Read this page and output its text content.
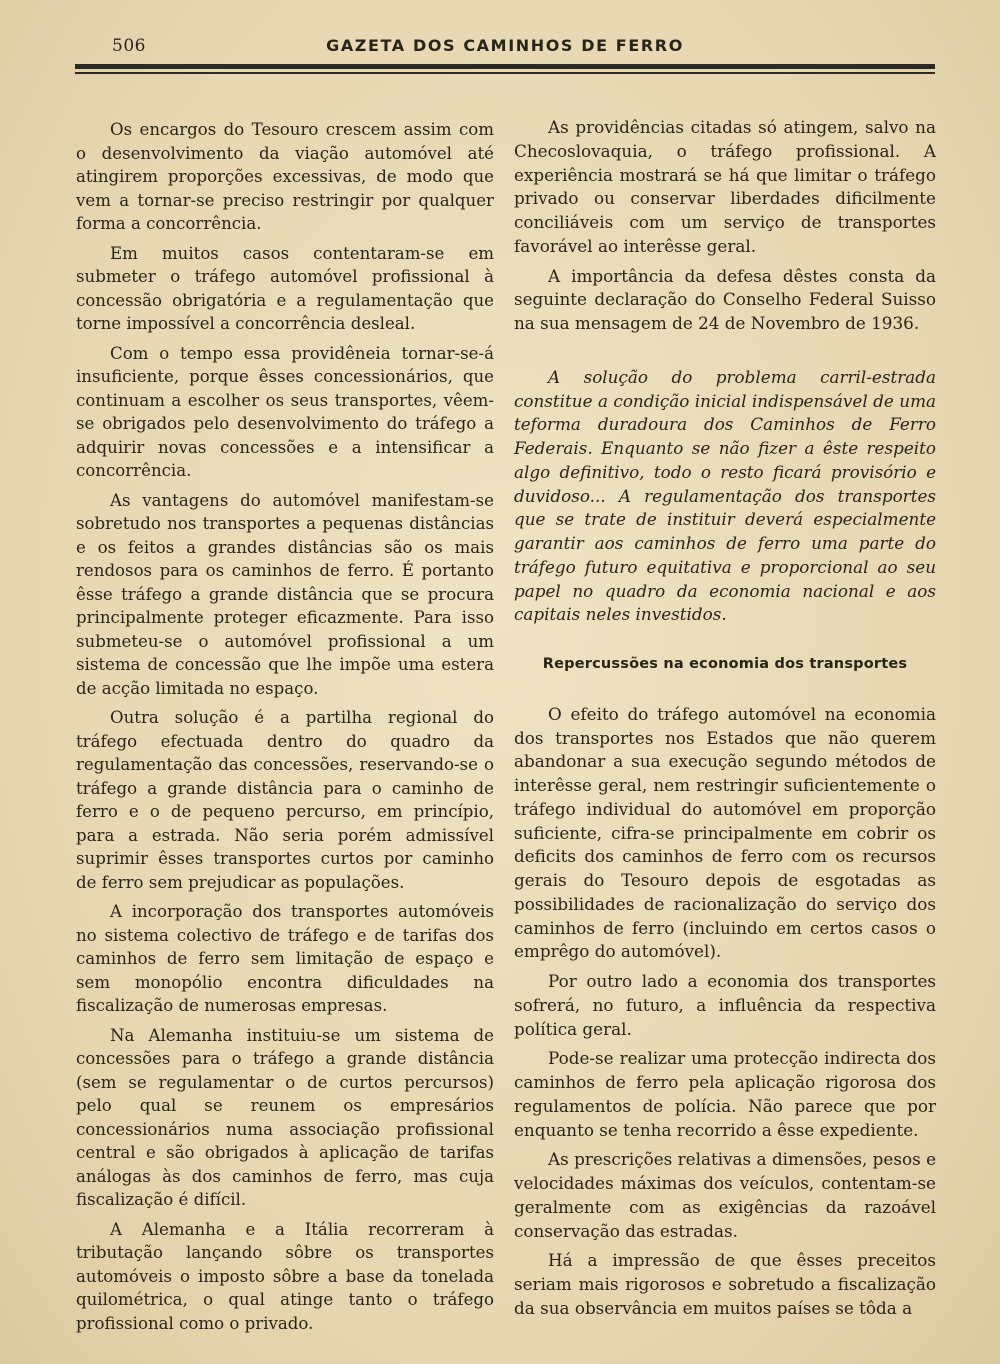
506	GAZETA DOS CAMINHOS DE FERRO

Os encargos do Tesouro crescem assim com o desenvolvimento da viação automóvel até atingirem proporções excessivas, de modo que vem a tornar-se preciso restringir por qualquer forma a concorrência.

Em muitos casos contentaram-se em submeter o tráfego automóvel profissional à concessão obrigatória e a regulamentação que torne impossível a concorrência desleal.

Com o tempo essa providêneia tornar-se-á insuficiente, porque êsses concessionários, que continuam a escolher os seus transportes, vêem-se obrigados pelo desenvolvimento do tráfego a adquirir novas concessões e a intensificar a concorrência.

As vantagens do automóvel manifestam-se sobretudo nos transportes a pequenas distâncias e os feitos a grandes distâncias são os mais rendosos para os caminhos de ferro. É portanto êsse tráfego a grande distância que se procura principalmente proteger eficazmente. Para isso submeteu-se o automóvel profissional a um sistema de concessão que lhe impõe uma estera de acção limitada no espaço.

Outra solução é a partilha regional do tráfego efectuada dentro do quadro da regulamentação das concessões, reservando-se o tráfego a grande distância para o caminho de ferro e o de pequeno percurso, em princípio, para a estrada. Não seria porém admissível suprimir êsses transportes curtos por caminho de ferro sem prejudicar as populações.

A incorporação dos transportes automóveis no sistema colectivo de tráfego e de tarifas dos caminhos de ferro sem limitação de espaço e sem monopólio encontra dificuldades na fiscalização de numerosas empresas.

Na Alemanha instituiu-se um sistema de concessões para o tráfego a grande distância (sem se regulamentar o de curtos percursos) pelo qual se reunem os empresários concessionários numa associação profissional central e são obrigados à aplicação de tarifas análogas às dos caminhos de ferro, mas cuja fiscalização é difícil.

A Alemanha e a Itália recorreram à tributação lançando sôbre os transportes automóveis o imposto sôbre a base da tonelada quilométrica, o qual atinge tanto o tráfego profissional como o privado.

As providências citadas só atingem, salvo na Checoslovaquia, o tráfego profissional. A experiência mostrará se há que limitar o tráfego privado ou conservar liberdades dificilmente conciliáveis com um serviço de transportes favorável ao interêsse geral.

A importância da defesa dêstes consta da seguinte declaração do Conselho Federal Suisso na sua mensagem de 24 de Novembro de 1936.

A solução do problema carril-estrada constitue a condição inicial indispensável de uma teforma duradoura dos Caminhos de Ferro Federais. Enquanto se não fizer a êste respeito algo definitivo, todo o resto ficará provisório e duvidoso... A regulamentação dos transportes que se trate de instituir deverá especialmente garantir aos caminhos de ferro uma parte do tráfego futuro equitativa e proporcional ao seu papel no quadro da economia nacional e aos capitais neles investidos.

Repercussões na economia dos transportes

O efeito do tráfego automóvel na economia dos transportes nos Estados que não querem abandonar a sua execução segundo métodos de interêsse geral, nem restringir suficientemente o tráfego individual do automóvel em proporção suficiente, cifra-se principalmente em cobrir os deficits dos caminhos de ferro com os recursos gerais do Tesouro depois de esgotadas as possibilidades de racionalização do serviço dos caminhos de ferro (incluindo em certos casos o emprêgo do automóvel).

Por outro lado a economia dos transportes sofrerá, no futuro, a influência da respectiva política geral.

Pode-se realizar uma protecção indirecta dos caminhos de ferro pela aplicação rigorosa dos regulamentos de polícia. Não parece que por enquanto se tenha recorrido a êsse expediente.

As prescrições relativas a dimensões, pesos e velocidades máximas dos veículos, contentam-se geralmente com as exigências da razoável conservação das estradas.

Há a impressão de que êsses preceitos seriam mais rigorosos e sobretudo a fiscalização da sua observância em muitos países se tôda a
